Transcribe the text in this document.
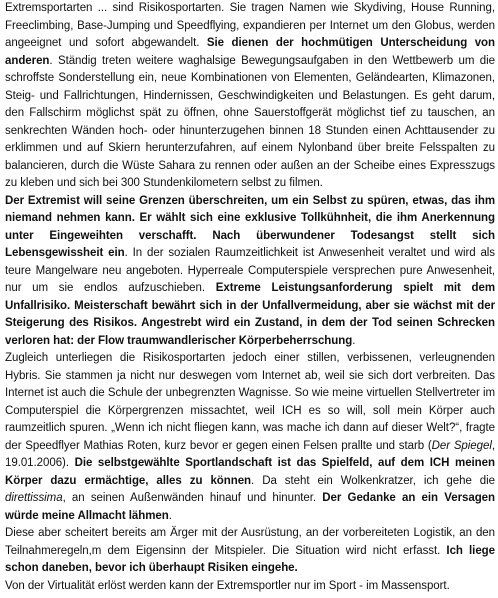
Extremsportarten ... sind Risikosportarten. Sie tragen Namen wie Skydiving, House Running, Freeclimbing, Base-Jumping und Speedflying, expandieren per Internet um den Globus, werden angeeignet und sofort abgewandelt. Sie dienen der hochmütigen Unterscheidung von anderen. Ständig treten weitere waghalsige Bewegungsaufgaben in den Wettbewerb um die schroffste Sonderstellung ein, neue Kombinationen von Elementen, Geländearten, Klimazonen, Steig- und Fallrichtungen, Hindernissen, Geschwindigkeiten und Belastungen. Es geht darum, den Fallschirm möglichst spät zu öffnen, ohne Sauerstoffgerät möglichst tief zu tauschen, an senkrechten Wänden hoch- oder hinunterzugehen binnen 18 Stunden einen Achttausender zu erklimmen und auf Skiern herunterzufahren, auf einem Nylonband über breite Felsspalten zu balancieren, durch die Wüste Sahara zu rennen oder außen an der Scheibe eines Expresszugs zu kleben und sich bei 300 Stundenkilometern selbst zu filmen.

Der Extremist will seine Grenzen überschreiten, um ein Selbst zu spüren, etwas, das ihm niemand nehmen kann. Er wählt sich eine exklusive Tollkühnheit, die ihm Anerkennung unter Eingeweihten verschafft. Nach überwundener Todesangst stellt sich Lebensgewissheit ein. In der sozialen Raumzeitlichkeit ist Anwesenheit veraltet und wird als teure Mangelware neu angeboten. Hyperreale Computerspiele versprechen pure Anwesenheit, nur um sie endlos aufzuschieben. Extreme Leistungsanforderung spielt mit dem Unfallrisiko. Meisterschaft bewährt sich in der Unfallvermeidung, aber sie wächst mit der Steigerung des Risikos. Angestrebt wird ein Zustand, in dem der Tod seinen Schrecken verloren hat: der Flow traumwandlerischer Körperbeherrschung.

Zugleich unterliegen die Risikosportarten jedoch einer stillen, verbissenen, verleugnenden Hybris. Sie stammen ja nicht nur deswegen vom Internet ab, weil sie sich dort verbreiten. Das Internet ist auch die Schule der unbegrenzten Wagnisse. So wie meine virtuellen Stellvertreter im Computerspiel die Körpergrenzen missachtet, weil ICH es so will, soll mein Körper auch raumzeitlich spuren. „Wenn ich nicht fliegen kann, was mache ich dann auf dieser Welt?“, fragte der Speedflyer Mathias Roten, kurz bevor er gegen einen Felsen prallte und starb (Der Spiegel, 19.01.2006). Die selbstgewählte Sportlandschaft ist das Spielfeld, auf dem ICH meinen Körper dazu ermächtige, alles zu können. Da steht ein Wolkenkratzer, ich gehe die direttissima, an seinen Außenwänden hinauf und hinunter. Der Gedanke an ein Versagen würde meine Allmacht lähmen.

Diese aber scheitert bereits am Ärger mit der Ausrüstung, an der vorbereiteten Logistik, an den Teilnahmeregeln,m dem Eigensinn der Mitspieler. Die Situation wird nicht erfasst. Ich liege schon daneben, bevor ich überhaupt Risiken eingehe.

Von der Virtualität erlöst werden kann der Extremsportler nur im Sport - im Massensport.
